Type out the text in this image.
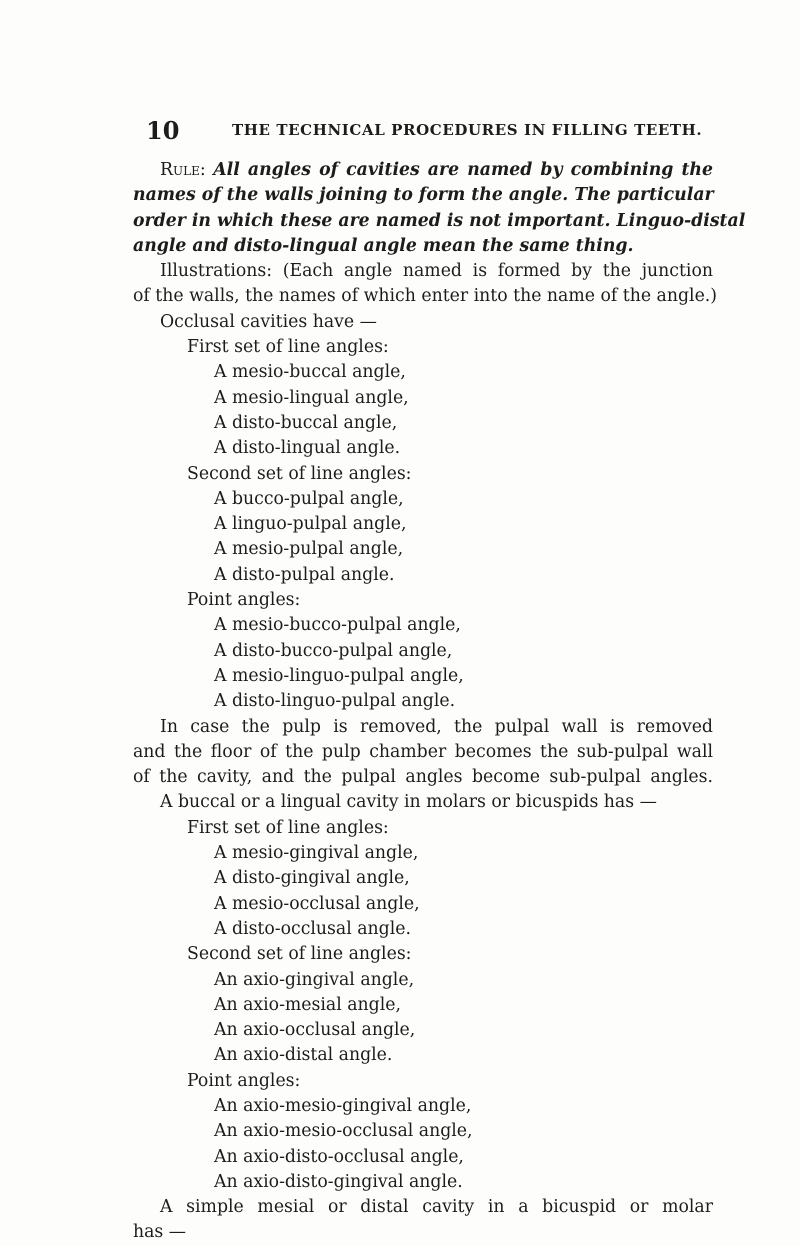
10	THE TECHNICAL PROCEDURES IN FILLING TEETH.
Rule: All angles of cavities are named by combining the
names of the walls joining to form the angle. The particular
order in which these are named is not important. Linguo-distal
angle and disto-lingual angle mean the same thing.
Illustrations: (Each angle named is formed by the junction
of the walls, the names of which enter into the name of the angle.)
Occlusal cavities have —
First set of line angles:
A mesio-buccal angle,
A mesio-lingual angle,
A disto-buccal angle,
A disto-lingual angle.
Second set of line angles:
A bucco-pulpal angle,
A linguo-pulpal angle,
A mesio-pulpal angle,
A disto-pulpal angle.
Point angles:
A mesio-bucco-pulpal angle,
A disto-bucco-pulpal angle,
A mesio-linguo-pulpal angle,
A disto-linguo-pulpal angle.
In case the pulp is removed, the pulpal wall is removed
and the floor of the pulp chamber becomes the sub-pulpal wall
of the cavity, and the pulpal angles become sub-pulpal angles.
A buccal or a lingual cavity in molars or bicuspids has —
First set of line angles:
A mesio-gingival angle,
A disto-gingival angle,
A mesio-occlusal angle,
A disto-occlusal angle.
Second set of line angles:
An axio-gingival angle,
An axio-mesial angle,
An axio-occlusal angle,
An axio-distal angle.
Point angles:
An axio-mesio-gingival angle,
An axio-mesio-occlusal angle,
An axio-disto-occlusal angle,
An axio-disto-gingival angle.
A simple mesial or distal cavity in a bicuspid or molar
has —
